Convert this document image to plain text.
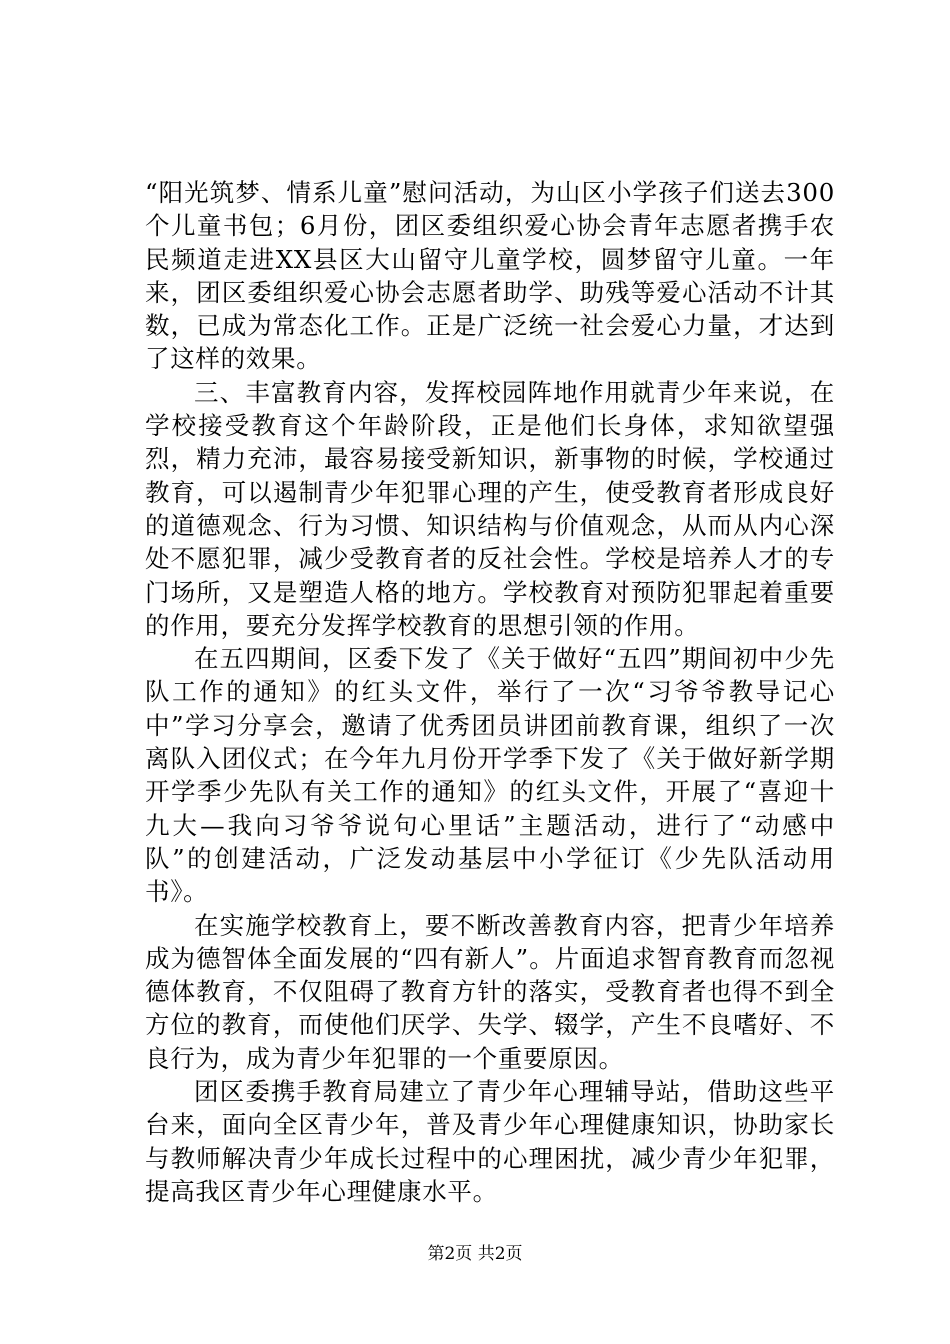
“阳光筑梦、情系儿童”慰问活动，为山区小学孩子们送去300个儿童书包；6月份，团区委组织爱心协会青年志愿者携手农民频道走进XX县区大山留守儿童学校，圆梦留守儿童。一年来，团区委组织爱心协会志愿者助学、助残等爱心活动不计其数，已成为常态化工作。正是广泛统一社会爱心力量，才达到了这样的效果。

三、丰富教育内容，发挥校园阵地作用就青少年来说，在学校接受教育这个年龄阶段，正是他们长身体，求知欲望强烈，精力充沛，最容易接受新知识，新事物的时候，学校通过教育，可以遏制青少年犯罪心理的产生，使受教育者形成良好的道德观念、行为习惯、知识结构与价值观念，从而从内心深处不愿犯罪，减少受教育者的反社会性。学校是培养人才的专门场所，又是塑造人格的地方。学校教育对预防犯罪起着重要的作用，要充分发挥学校教育的思想引领的作用。

在五四期间，区委下发了《关于做好“五四”期间初中少先队工作的通知》的红头文件，举行了一次“习爷爷教导记心中”学习分享会，邀请了优秀团员讲团前教育课，组织了一次离队入团仪式；在今年九月份开学季下发了《关于做好新学期开学季少先队有关工作的通知》的红头文件，开展了“喜迎十九大—我向习爷爷说句心里话”主题活动，进行了“动感中队”的创建活动，广泛发动基层中小学征订《少先队活动用书》。

在实施学校教育上，要不断改善教育内容，把青少年培养成为德智体全面发展的“四有新人”。片面追求智育教育而忽视德体教育，不仅阻碍了教育方针的落实，受教育者也得不到全方位的教育，而使他们厌学、失学、辍学，产生不良嗜好、不良行为，成为青少年犯罪的一个重要原因。

团区委携手教育局建立了青少年心理辅导站，借助这些平台来，面向全区青少年，普及青少年心理健康知识，协助家长与教师解决青少年成长过程中的心理困扰，减少青少年犯罪，提高我区青少年心理健康水平。

第2页 共2页
